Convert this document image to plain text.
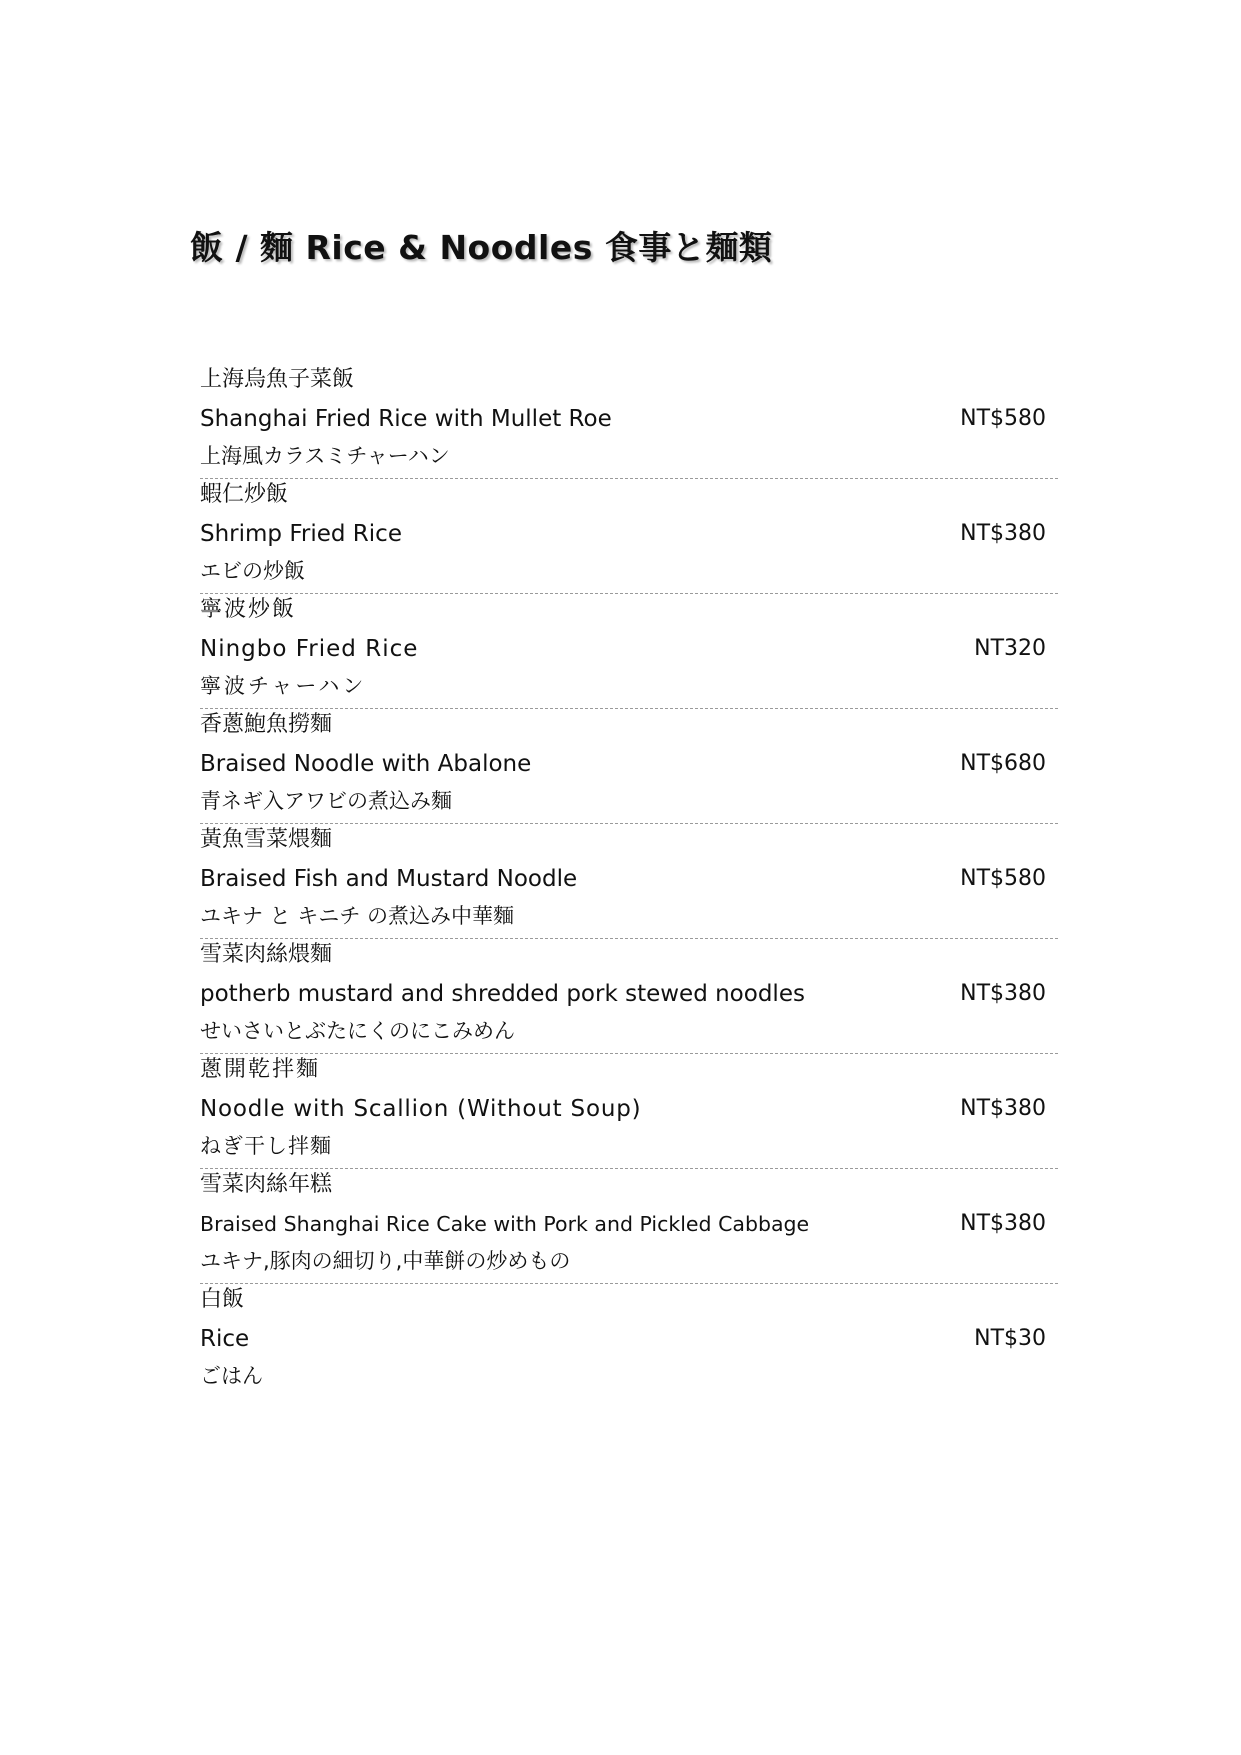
飯 / 麵 Rice & Noodles 食事と麺類
上海烏魚子菜飯
Shanghai Fried Rice with Mullet Roe
上海風カラスミチャーハン
NT$580
蝦仁炒飯
Shrimp Fried Rice
エビの炒飯
NT$380
寧波炒飯
Ningbo Fried Rice
寧波チャーハン
NT320
香蔥鮑魚撈麵
Braised Noodle with Abalone
青ネギ入アワビの煮込み麵
NT$680
黃魚雪菜煨麵
Braised Fish and Mustard Noodle
ユキナ と キニチ の煮込み中華麵
NT$580
雪菜肉絲煨麵
potherb mustard and shredded pork stewed noodles
せいさいとぶたにくのにこみめん
NT$380
蔥開乾拌麵
Noodle with Scallion (Without Soup)
ねぎ干し拌麵
NT$380
雪菜肉絲年糕
Braised Shanghai Rice Cake with Pork and Pickled Cabbage
ユキナ,豚肉の細切り,中華餅の炒めもの
NT$380
白飯
Rice
ごはん
NT$30
